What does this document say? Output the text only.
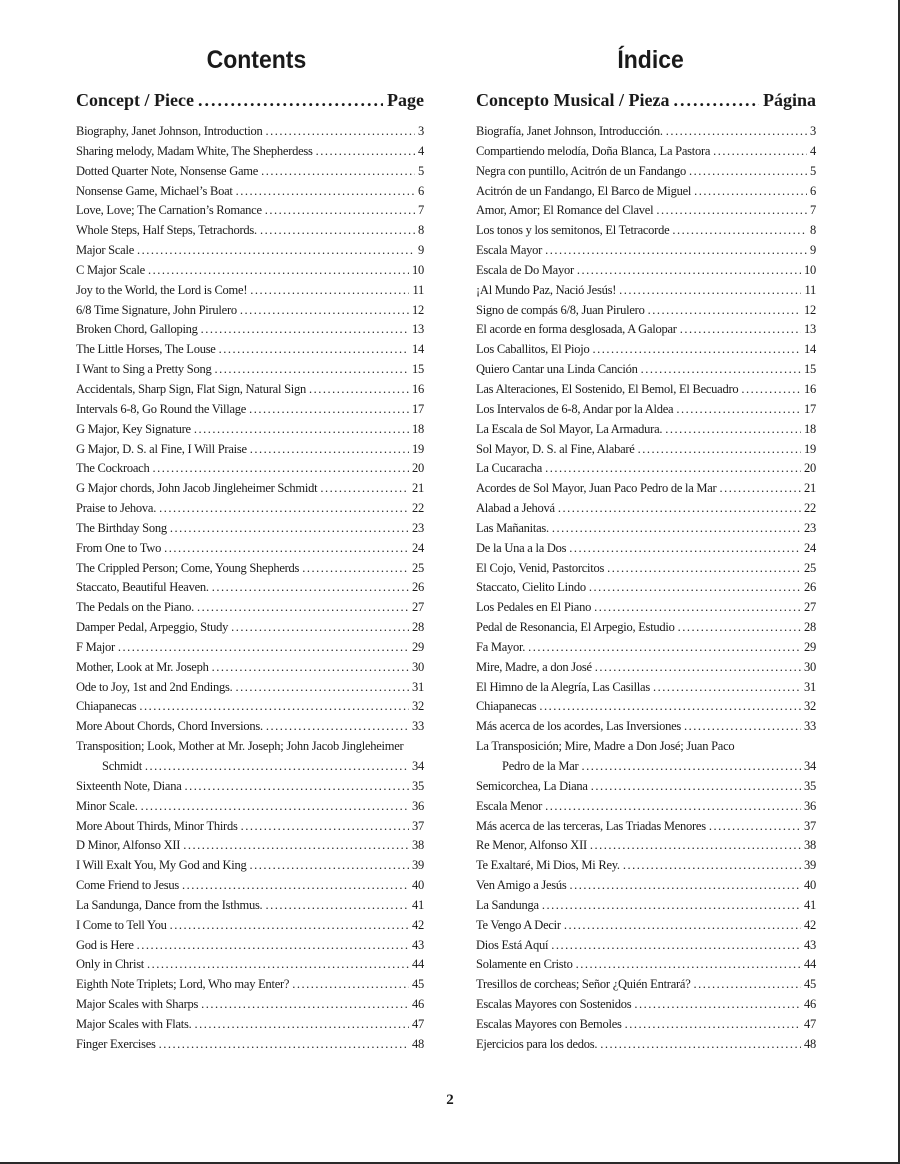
Contents
Concept / Piece .....	Page
Biography, Janet Johnson, Introduction .....	3
Sharing melody, Madam White, The Shepherdess .....	4
Dotted Quarter Note, Nonsense Game .....	5
Nonsense Game, Michael’s Boat .....	6
Love, Love; The Carnation’s Romance .....	7
Whole Steps, Half Steps, Tetrachords. .....	8
Major Scale .....	9
C Major Scale .....	10
Joy to the World, the Lord is Come! .....	11
6/8 Time Signature, John Pirulero .....	12
Broken Chord, Galloping .....	13
The Little Horses, The Louse .....	14
I Want to Sing a Pretty Song .....	15
Accidentals, Sharp Sign, Flat Sign, Natural Sign .....	16
Intervals 6-8, Go Round the Village .....	17
G Major, Key Signature .....	18
G Major, D. S. al Fine, I Will Praise .....	19
The Cockroach .....	20
G Major chords, John Jacob Jingleheimer Schmidt .....	21
Praise to Jehova. .....	22
The Birthday Song .....	23
From One to Two .....	24
The Crippled Person; Come, Young Shepherds .....	25
Staccato, Beautiful Heaven. .....	26
The Pedals on the Piano. .....	27
Damper Pedal, Arpeggio, Study .....	28
F Major .....	29
Mother, Look at Mr. Joseph .....	30
Ode to Joy, 1st and 2nd Endings. .....	31
Chiapanecas .....	32
More About Chords, Chord Inversions. .....	33
Transposition; Look, Mother at Mr. Joseph; John Jacob Jingleheimer
Schmidt .....	34
Sixteenth Note, Diana .....	35
Minor Scale. .....	36
More About Thirds, Minor Thirds .....	37
D Minor, Alfonso XII .....	38
I Will Exalt You, My God and King .....	39
Come Friend to Jesus .....	40
La Sandunga, Dance from the Isthmus. .....	41
I Come to Tell You .....	42
God is Here .....	43
Only in Christ .....	44
Eighth Note Triplets; Lord, Who may Enter? .....	45
Major Scales with Sharps .....	46
Major Scales with Flats. .....	47
Finger Exercises .....	48
Índice
Concepto Musical / Pieza .....	Página
Biografía, Janet Johnson, Introducción. .....	3
Compartiendo melodía, Doña Blanca, La Pastora .....	4
Negra con puntillo, Acitrón de un Fandango .....	5
Acitrón de un Fandango, El Barco de Miguel .....	6
Amor, Amor; El Romance del Clavel .....	7
Los tonos y los semitonos, El Tetracorde .....	8
Escala Mayor .....	9
Escala de Do Mayor .....	10
¡Al Mundo Paz, Nació Jesús! .....	11
Signo de compás 6/8, Juan Pirulero .....	12
El acorde en forma desglosada, A Galopar .....	13
Los Caballitos, El Piojo .....	14
Quiero Cantar una Linda Canción .....	15
Las Alteraciones, El Sostenido, El Bemol, El Becuadro .....	16
Los Intervalos de 6-8, Andar por la Aldea .....	17
La Escala de Sol Mayor, La Armadura. .....	18
Sol Mayor, D. S. al Fine, Alabaré .....	19
La Cucaracha .....	20
Acordes de Sol Mayor, Juan Paco Pedro de la Mar .....	21
Alabad a Jehová .....	22
Las Mañanitas. .....	23
De la Una a la Dos .....	24
El Cojo, Venid, Pastorcitos .....	25
Staccato, Cielito Lindo .....	26
Los Pedales en El Piano .....	27
Pedal de Resonancia, El Arpegio, Estudio .....	28
Fa Mayor. .....	29
Mire, Madre, a don José .....	30
El Himno de la Alegría, Las Casillas .....	31
Chiapanecas .....	32
Más acerca de los acordes, Las Inversiones .....	33
La Transposición; Mire, Madre a Don José; Juan Paco
Pedro de la Mar .....	34
Semicorchea, La Diana .....	35
Escala Menor .....	36
Más acerca de las terceras, Las Triadas Menores .....	37
Re Menor, Alfonso XII .....	38
Te Exaltaré, Mi Dios, Mi Rey. .....	39
Ven Amigo a Jesús .....	40
La Sandunga .....	41
Te Vengo A Decir .....	42
Dios Está Aquí .....	43
Solamente en Cristo .....	44
Tresillos de corcheas; Señor ¿Quién Entrará? .....	45
Escalas Mayores con Sostenidos .....	46
Escalas Mayores con Bemoles .....	47
Ejercicios para los dedos. .....	48
2
